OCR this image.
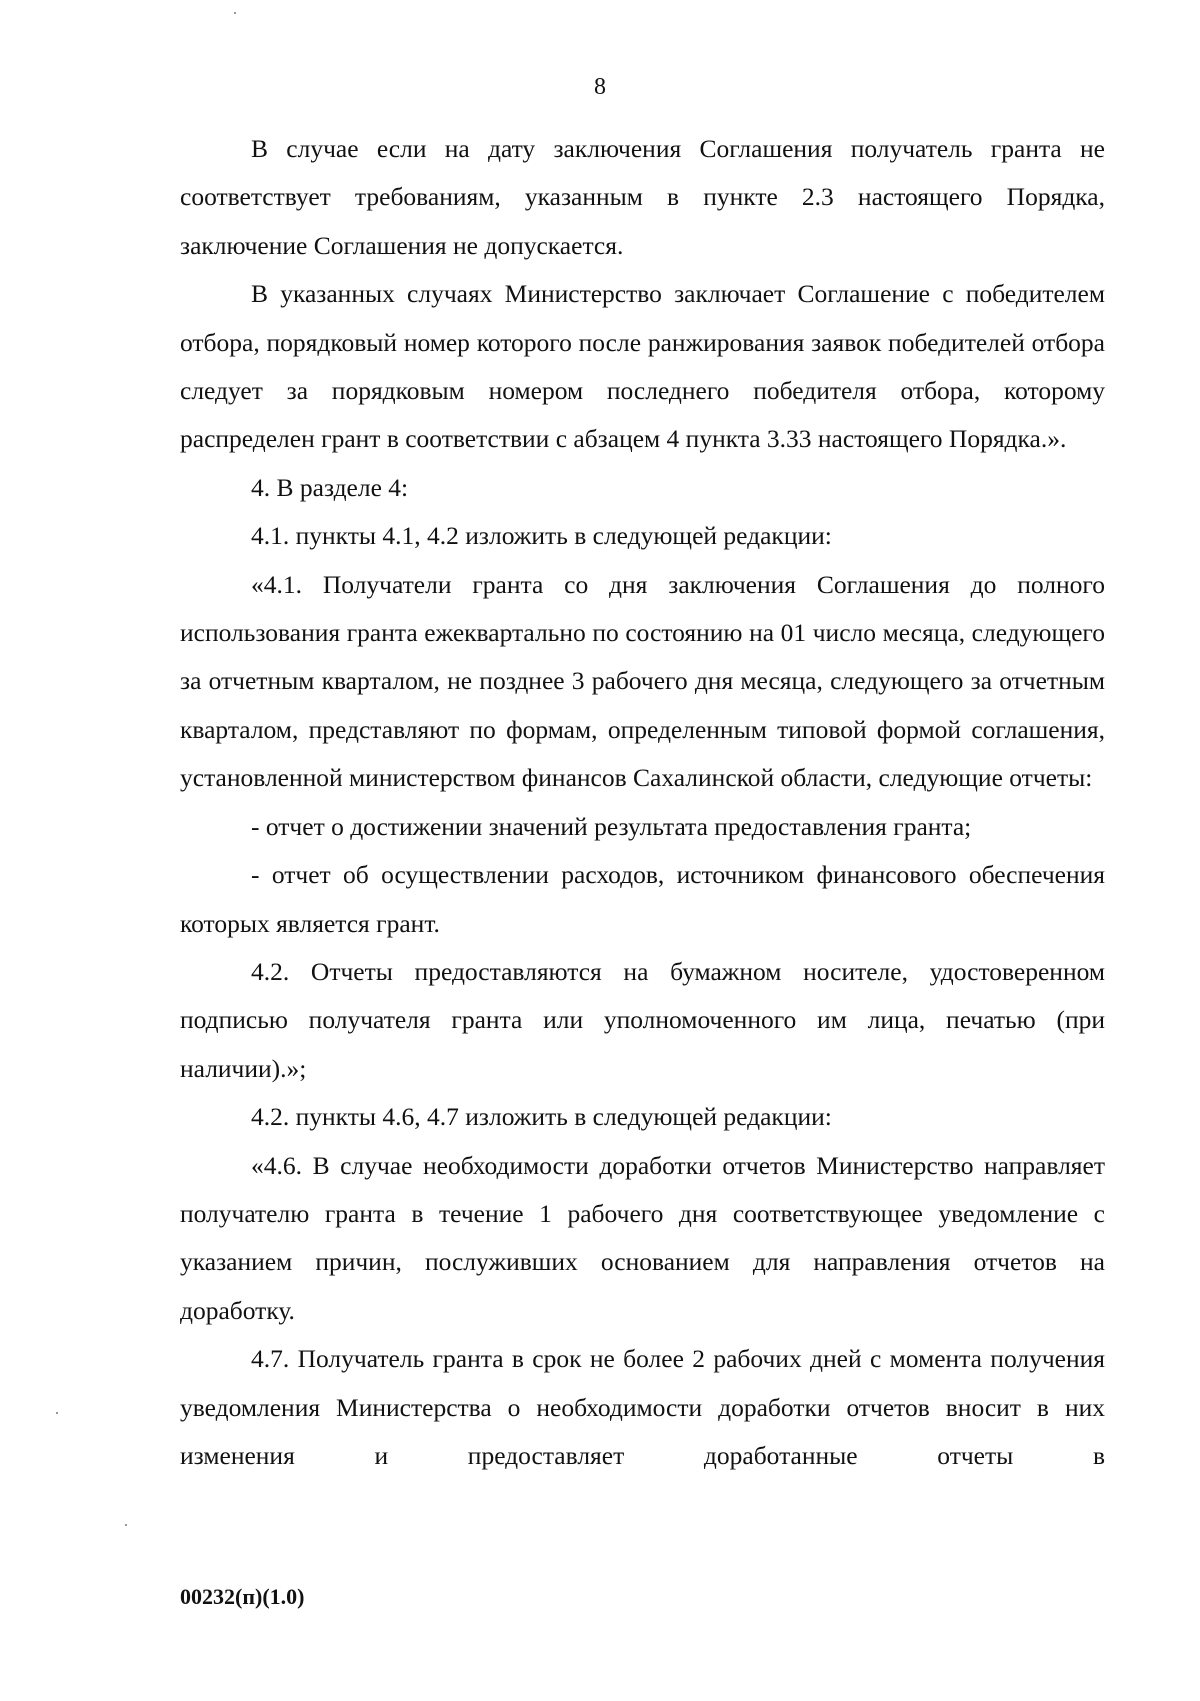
8

В случае если на дату заключения Соглашения получатель гранта не соответствует требованиям, указанным в пункте 2.3 настоящего Порядка, заключение Соглашения не допускается.

В указанных случаях Министерство заключает Соглашение с победителем отбора, порядковый номер которого после ранжирования заявок победителей отбора следует за порядковым номером последнего победителя отбора, которому распределен грант в соответствии с абзацем 4 пункта 3.33 настоящего Порядка.».

4. В разделе 4:

4.1. пункты 4.1, 4.2 изложить в следующей редакции:

«4.1. Получатели гранта со дня заключения Соглашения до полного использования гранта ежеквартально по состоянию на 01 число месяца, следующего за отчетным кварталом, не позднее 3 рабочего дня месяца, следующего за отчетным кварталом, представляют по формам, определенным типовой формой соглашения, установленной министерством финансов Сахалинской области, следующие отчеты:

- отчет о достижении значений результата предоставления гранта;

- отчет об осуществлении расходов, источником финансового обеспечения которых является грант.

4.2. Отчеты предоставляются на бумажном носителе, удостоверенном подписью получателя гранта или уполномоченного им лица, печатью (при наличии).»;

4.2. пункты 4.6, 4.7 изложить в следующей редакции:

«4.6. В случае необходимости доработки отчетов Министерство направляет получателю гранта в течение 1 рабочего дня соответствующее уведомление с указанием причин, послуживших основанием для направления отчетов на доработку.

4.7. Получатель гранта в срок не более 2 рабочих дней с момента получения уведомления Министерства о необходимости доработки отчетов вносит в них изменения и предоставляет доработанные отчеты в

00232(п)(1.0)
